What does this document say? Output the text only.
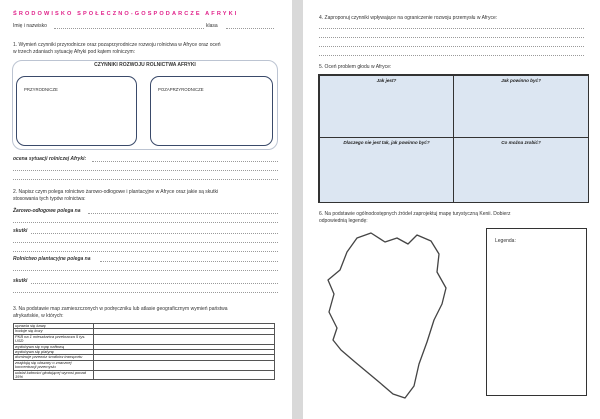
ŚRODOWISKO SPOŁECZNO-GOSPODARCZE AFRYKI
Imię i nazwisko	klasa
1. Wymień czynniki przyrodnicze oraz pozaprzyrodnicze rozwoju rolnictwa w Afryce oraz oceń
w trzech zdaniach sytuację Afryki pod kątem rolniczym:
CZYNNIKI ROZWOJU ROLNICTWA AFRYKI
PRZYRODNICZE	POZAPRZYRODNICZE
ocena sytuacji rolniczej Afryki:
2. Napisz czym polega rolnictwo żarowo-odłogowe i plantacyjne w Afryce oraz jakie są skutki
stosowania tych typów rolnictwa:
Żarowo-odłogowe polega na
skutki
Rolnictwo plantacyjne polega na
skutki
3. Na podstawie map zamieszczonych w podręczniku lub atlasie geograficznym wymień państwa
afrykańskie, w których:
uprawia się kawę	
hoduje się kozy	
PKB na 1 mieszkańca przekracza 5 tys. USD	
wydobywa się ropę naftową	
wydobywa się platynę	
dominuje przewóz środków transportu	
znajdują się obszary o znacznej koncentracji przemysłu	
udział ludności głodującej wynosi ponad 35%	
4. Zaproponuj czynniki wpływające na ograniczenie rozwoju przemysłu w Afryce:
5. Oceń problem głodu w Afryce:
Jak jest?	Jak powinno być?
Dlaczego nie jest tak, jak powinno być?	Co można zrobić?
6. Na podstawie ogólnodostępnych źródeł zaprojektuj mapę turystyczną Kenii. Dobierz
odpowiednią legendę:
Legenda:
